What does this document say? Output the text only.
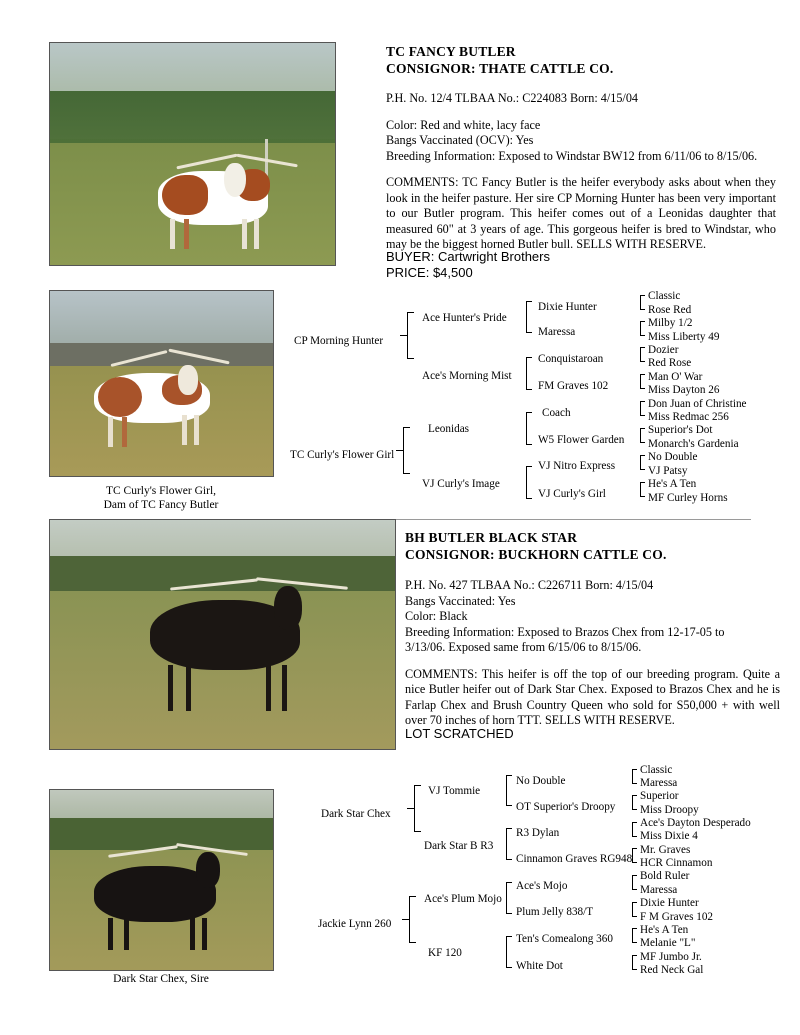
TC FANCY BUTLER
CONSIGNOR: THATE CATTLE CO.

P.H. No. 12/4 TLBAA No.: C224083 Born: 4/15/04

Color: Red and white, lacy face

Bangs Vaccinated (OCV): Yes

Breeding Information: Exposed to Windstar BW12 from 6/11/06 to 8/15/06.

COMMENTS: TC Fancy Butler is the heifer everybody asks about when they look in the heifer pasture. Her sire CP Morning Hunter has been very important to our Butler program. This heifer comes out of a Leonidas daughter that measured 60" at 3 years of age. This gorgeous heifer is bred to Windstar, who may be the biggest horned Butler bull. SELLS WITH RESERVE.

BUYER: Cartwright Brothers
PRICE: $4,500
TC Curly's Flower Girl,
Dam of TC Fancy Butler
CP Morning Hunter
TC Curly's Flower Girl
Ace Hunter's Pride
Ace's Morning Mist
Leonidas
VJ Curly's Image
Dixie Hunter
Maressa
Conquistaroan
FM Graves 102
Coach
W5 Flower Garden
VJ Nitro Express
VJ Curly's Girl
Classic
Rose Red
Milby 1/2
Miss Liberty 49
Dozier
Red Rose
Man O' War
Miss Dayton 26
Don Juan of Christine
Miss Redmac 256
Superior's Dot
Monarch's Gardenia
No Double
VJ Patsy
He's A Ten
MF Curley Horns
BH BUTLER BLACK STAR
CONSIGNOR: BUCKHORN CATTLE CO.

P.H. No. 427 TLBAA No.: C226711 Born: 4/15/04

Bangs Vaccinated: Yes

Color: Black

Breeding Information: Exposed to Brazos Chex from 12-17-05 to

3/13/06. Exposed same from 6/15/06 to 8/15/06.

COMMENTS: This heifer is off the top of our breeding program. Quite a nice Butler heifer out of Dark Star Chex. Exposed to Brazos Chex and he is Farlap Chex and Brush Country Queen who sold for S50,000 + with well over 70 inches of horn TTT. SELLS WITH RESERVE.

LOT SCRATCHED
Dark Star Chex, Sire
Dark Star Chex
Jackie Lynn 260
VJ Tommie
Dark Star B R3
Ace's Plum Mojo
KF 120
No Double
OT Superior's Droopy
R3 Dylan
Cinnamon Graves RG948
Ace's Mojo
Plum Jelly 838/T
Ten's Comealong 360
White Dot
Classic
Maressa
Superior
Miss Droopy
Ace's Dayton Desperado
Miss Dixie 4
Mr. Graves
HCR Cinnamon
Bold Ruler
Maressa
Dixie Hunter
F M Graves 102
He's A Ten
Melanie "L"
MF Jumbo Jr.
Red Neck Gal
